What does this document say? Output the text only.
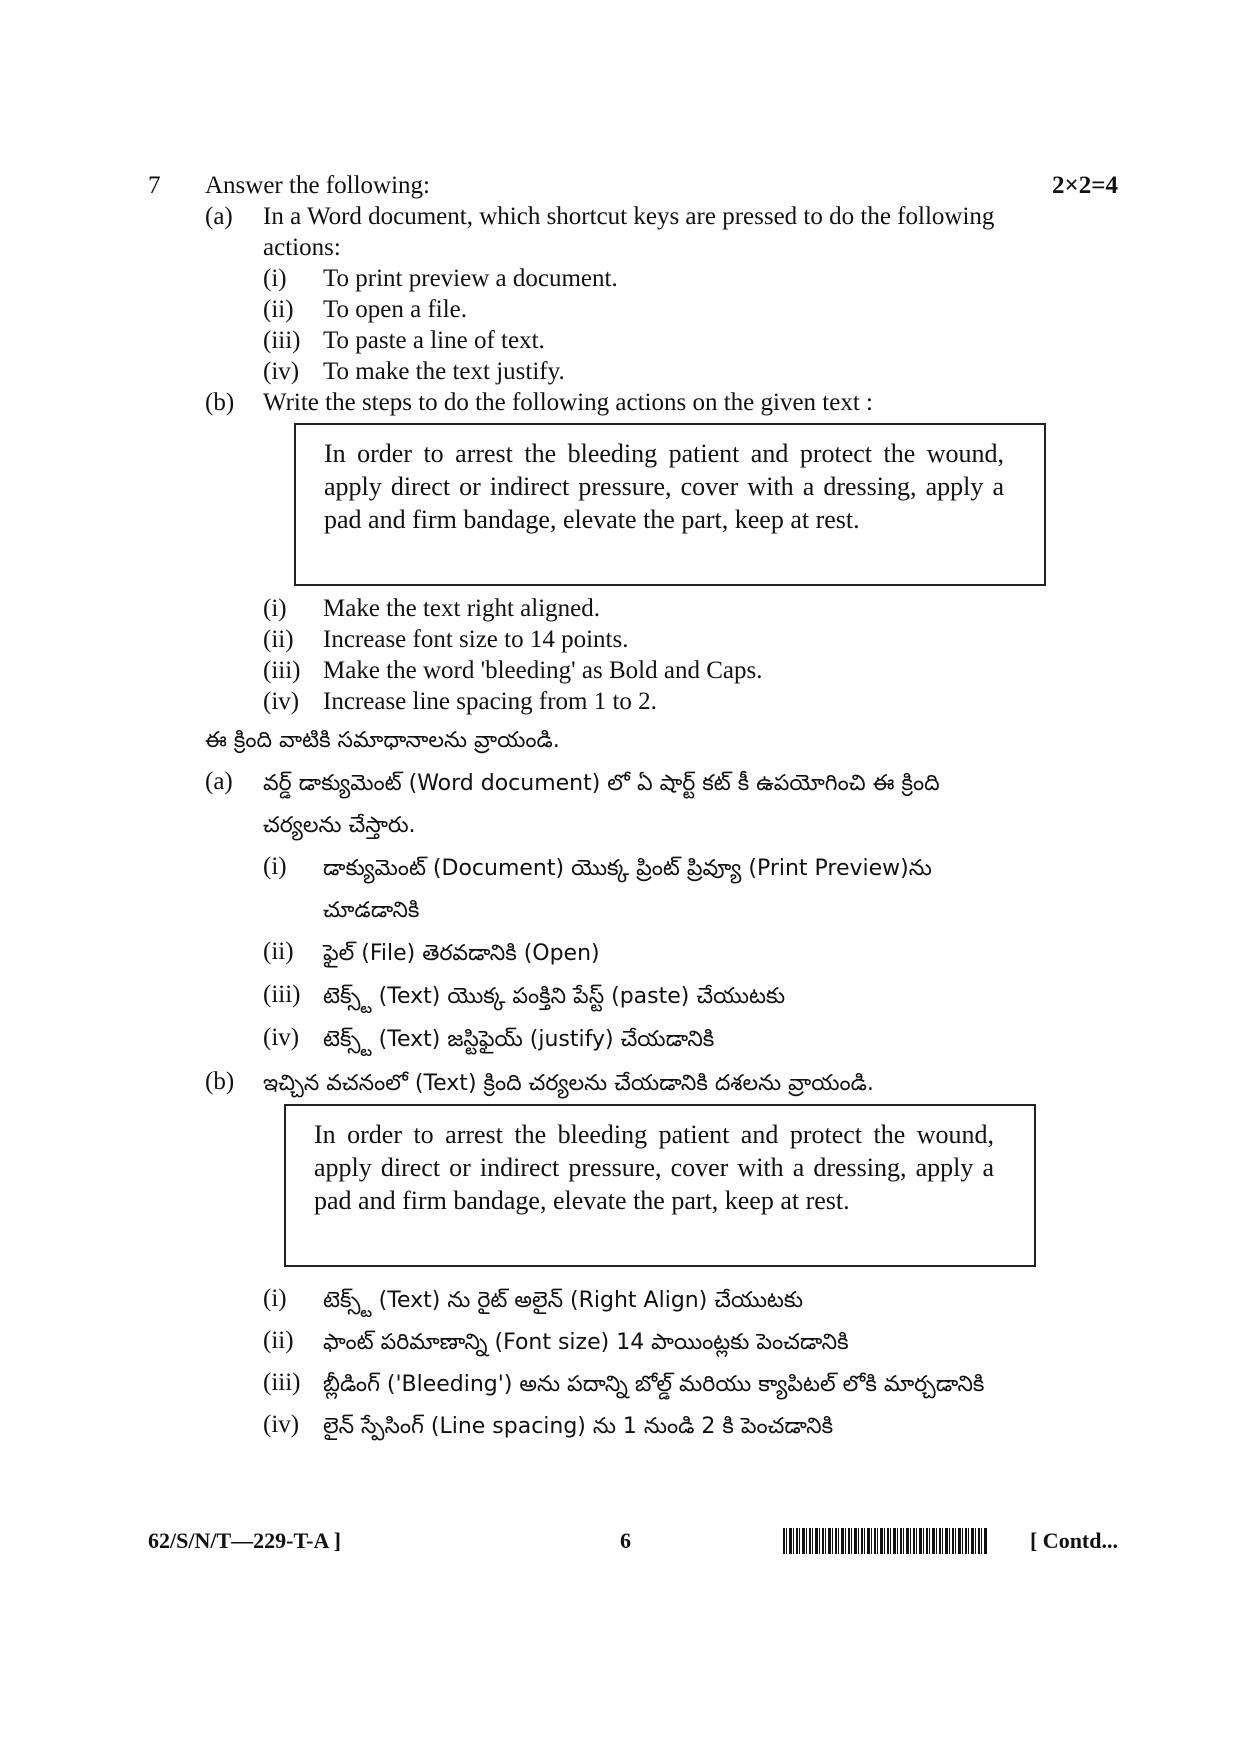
7 Answer the following:	2×2=4
(a) In a Word document, which shortcut keys are pressed to do the following
actions:
(i) To print preview a document.
(ii) To open a file.
(iii) To paste a line of text.
(iv) To make the text justify.
(b) Write the steps to do the following actions on the given text :

In order to arrest the bleeding patient and protect the wound, apply direct or indirect pressure, cover with a dressing, apply a pad and firm bandage, elevate the part, keep at rest.

(i) Make the text right aligned.
(ii) Increase font size to 14 points.
(iii) Make the word 'bleeding' as Bold and Caps.
(iv) Increase line spacing from 1 to 2.
ఈ క్రింది వాటికి సమాధానాలను వ్రాయండి.
(a) వర్డ్ డాక్యుమెంట్ (Word document) లో ఏ షార్ట్ కట్ కీ ఉపయోగించి ఈ క్రింది
చర్యలను చేస్తారు.
(i) డాక్యుమెంట్ (Document) యొక్క ప్రింట్ ప్రివ్యూ (Print Preview)ను
చూడడానికి
(ii) ఫైల్ (File) తెరవడానికి (Open)
(iii) టెక్స్ట్ (Text) యొక్క పంక్తిని పేస్ట్ (paste) చేయుటకు
(iv) టెక్స్ట్ (Text) జస్టిఫైయ్ (justify) చేయడానికి
(b) ఇచ్చిన వచనంలో (Text) క్రింది చర్యలను చేయడానికి దశలను వ్రాయండి.

In order to arrest the bleeding patient and protect the wound, apply direct or indirect pressure, cover with a dressing, apply a pad and firm bandage, elevate the part, keep at rest.

(i) టెక్స్ట్ (Text) ను రైట్ అలైన్ (Right Align) చేయుటకు
(ii) ఫాంట్ పరిమాణాన్ని (Font size) 14 పాయింట్లకు పెంచడానికి
(iii) బ్లీడింగ్ ('Bleeding') అను పదాన్ని బోల్డ్ మరియు క్యాపిటల్ లోకి మార్చడానికి
(iv) లైన్ స్పేసింగ్ (Line spacing) ను 1 నుండి 2 కి పెంచడానికి
62/S/N/T—229-T-A ]	6	[ Contd...
